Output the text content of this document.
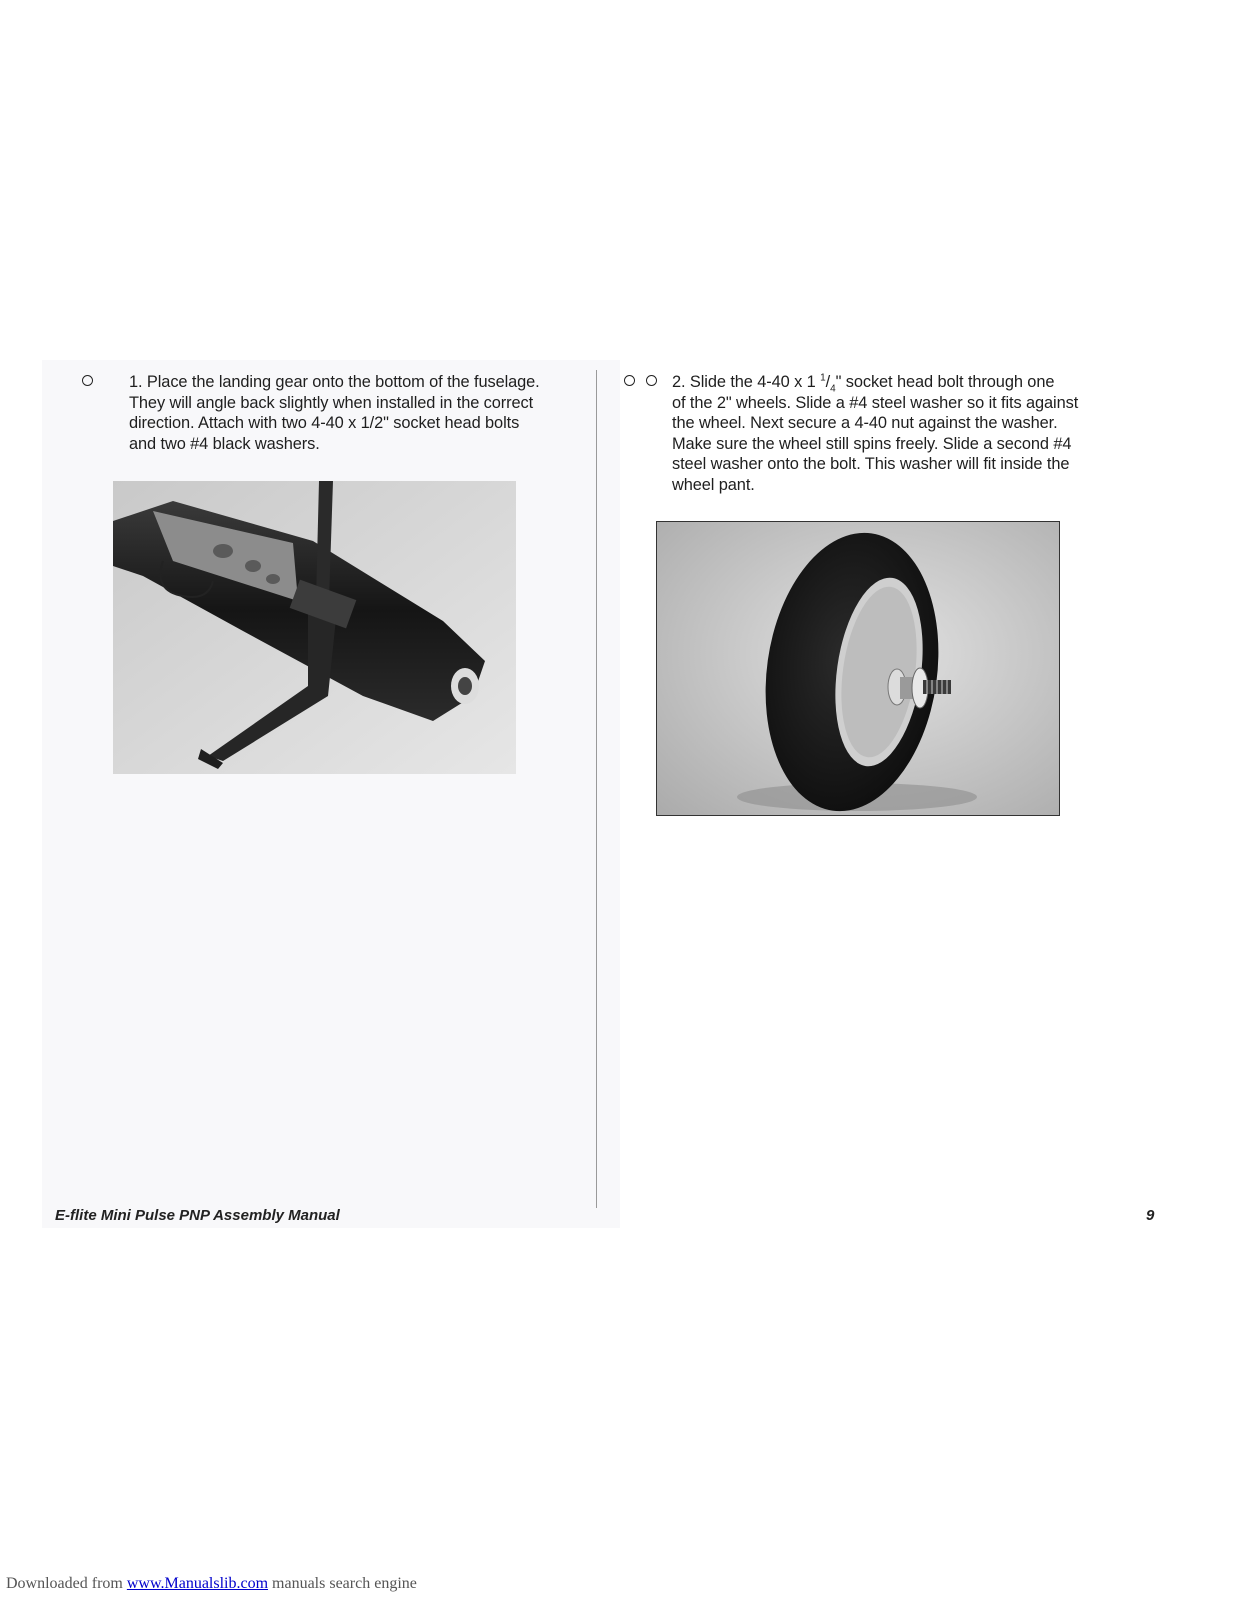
1. Place the landing gear onto the bottom of the fuselage.
They will angle back slightly when installed in the correct
direction. Attach with two 4-40 x 1/2" socket head bolts
and two #4 black washers.
2. Slide the 4-40 x 1 $^1/_4$" socket head bolt through one
of the 2" wheels. Slide a #4 steel washer so it fits against
the wheel. Next secure a 4-40 nut against the washer.
Make sure the wheel still spins freely. Slide a second #4
steel washer onto the bolt. This washer will fit inside the
wheel pant.
E-flite Mini Pulse PNP Assembly Manual	9
Downloaded from www.Manualslib.com manuals search engine
